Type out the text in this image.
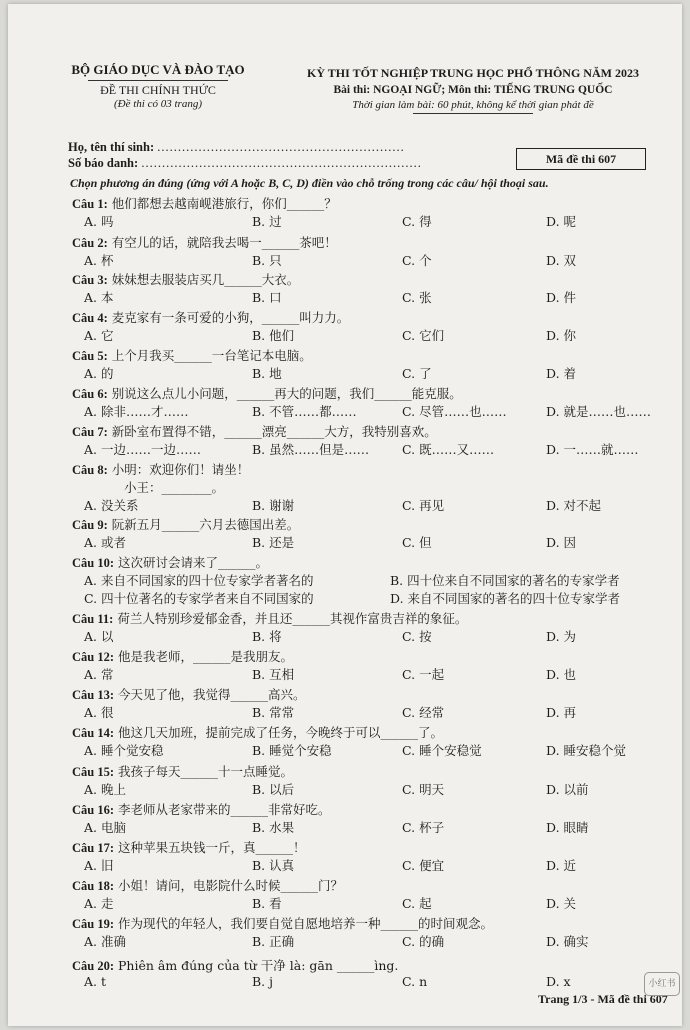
BỘ GIÁO DỤC VÀ ĐÀO TẠO
ĐỀ THI CHÍNH THỨC
(Đề thi có 03 trang)
KỲ THI TỐT NGHIỆP TRUNG HỌC PHỔ THÔNG NĂM 2023
Bài thi: NGOẠI NGỮ; Môn thi: TIẾNG TRUNG QUỐC
Thời gian làm bài: 60 phút, không kể thời gian phát đề
Họ, tên thí sinh: ............................................................
Số báo danh: ....................................................................	Mã đề thi 607
Chọn phương án đúng (ứng với A hoặc B, C, D) điền vào chỗ trống trong các câu/ hội thoại sau.
Câu 1: 他们都想去越南岘港旅行，你们______？
A. 吗	B. 过	C. 得	D. 呢
Câu 2: 有空儿的话，就陪我去喝一______茶吧！
A. 杯	B. 只	C. 个	D. 双
Câu 3: 妹妹想去服装店买几______大衣。
A. 本	B. 口	C. 张	D. 件
Câu 4: 麦克家有一条可爱的小狗，______叫力力。
A. 它	B. 他们	C. 它们	D. 你
Câu 5: 上个月我买______一台笔记本电脑。
A. 的	B. 地	C. 了	D. 着
Câu 6: 别说这么点儿小问题，______再大的问题，我们______能克服。
A. 除非……才……	B. 不管……都……	C. 尽管……也……	D. 就是……也……
Câu 7: 新卧室布置得不错，______漂亮______大方，我特别喜欢。
A. 一边……一边……	B. 虽然……但是……	C. 既……又……	D. 一……就……
Câu 8: 小明：欢迎你们！请坐！
小王：________。
A. 没关系	B. 谢谢	C. 再见	D. 对不起
Câu 9: 阮新五月______六月去德国出差。
A. 或者	B. 还是	C. 但	D. 因
Câu 10: 这次研讨会请来了______。
A. 来自不同国家的四十位专家学者著名的	B. 四十位来自不同国家的著名的专家学者
C. 四十位著名的专家学者来自不同国家的	D. 来自不同国家的著名的四十位专家学者
Câu 11: 荷兰人特别珍爱郁金香，并且还______其视作富贵吉祥的象征。
A. 以	B. 将	C. 按	D. 为
Câu 12: 他是我老师，______是我朋友。
A. 常	B. 互相	C. 一起	D. 也
Câu 13: 今天见了他，我觉得______高兴。
A. 很	B. 常常	C. 经常	D. 再
Câu 14: 他这几天加班，提前完成了任务，今晚终于可以______了。
A. 睡个觉安稳	B. 睡觉个安稳	C. 睡个安稳觉	D. 睡安稳个觉
Câu 15: 我孩子每天______十一点睡觉。
A. 晚上	B. 以后	C. 明天	D. 以前
Câu 16: 李老师从老家带来的______非常好吃。
A. 电脑	B. 水果	C. 杯子	D. 眼睛
Câu 17: 这种苹果五块钱一斤，真______！
A. 旧	B. 认真	C. 便宜	D. 近
Câu 18: 小姐！请问，电影院什么时候______门？
A. 走	B. 看	C. 起	D. 关
Câu 19: 作为现代的年轻人，我们要自觉自愿地培养一种______的时间观念。
A. 准确	B. 正确	C. 的确	D. 确实
Câu 20: Phiên âm đúng của từ 干净 là: gān ______ìng.
A. t	B. j	C. n	D. x
Trang 1/3 - Mã đề thi 607
小红书
